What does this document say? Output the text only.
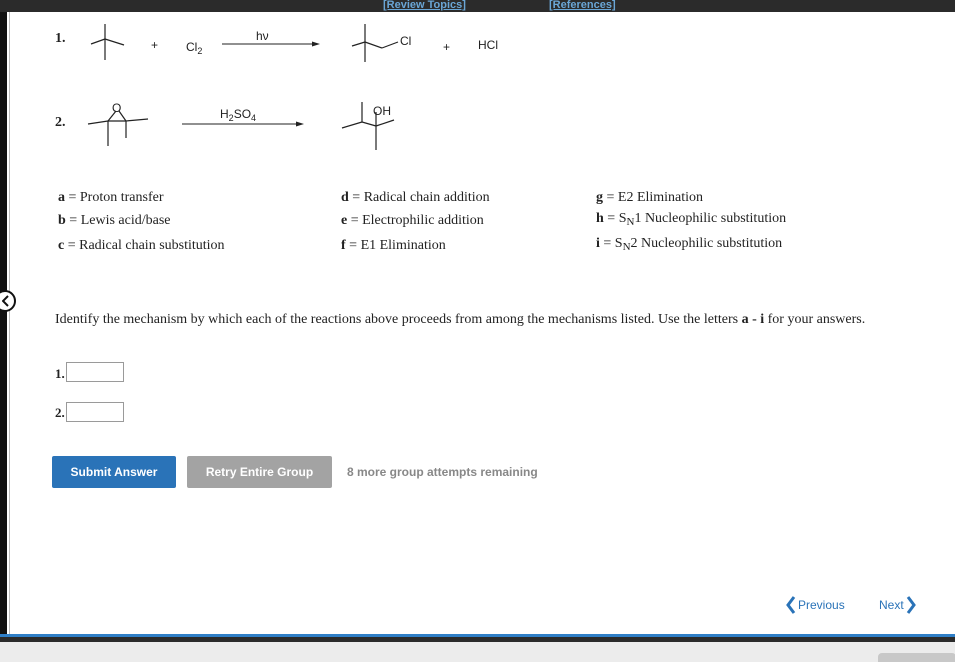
[Review Topics]	[References]
1.	+ $Cl_2$
hν	Cl	+ HCl
2.
O	$H_2SO_4$	OH
a = Proton transfer
b = Lewis acid/base
c = Radical chain substitution
d = Radical chain addition
e = Electrophilic addition
f = E1 Elimination
g = E2 Elimination
$h = S_N1$ Nucleophilic substitution
$i = S_N2$ Nucleophilic substitution
Identify the mechanism by which each of the reactions above proceeds from among the mechanisms listed. Use the letters a - i for your answers.
1.
2.
Submit Answer	Retry Entire Group	8 more group attempts remaining
Previous	Next
